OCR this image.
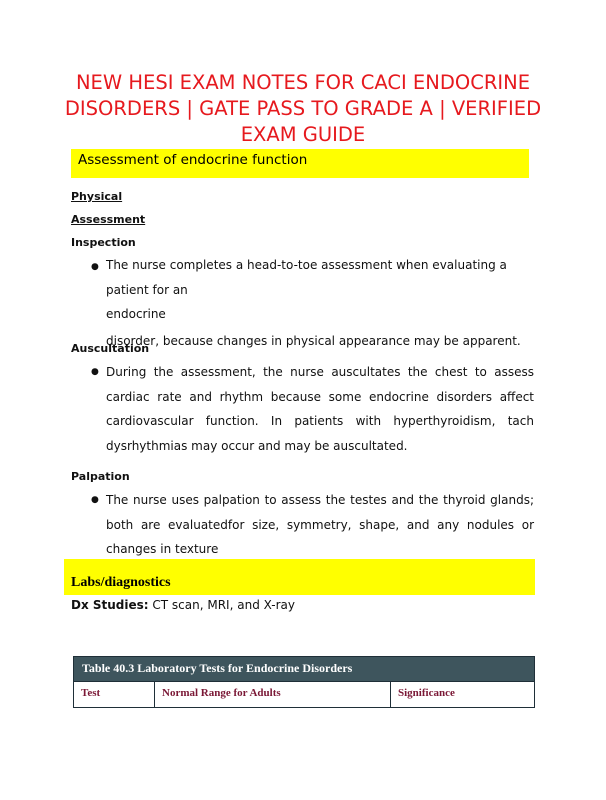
NEW HESI EXAM NOTES FOR CACI ENDOCRINE
DISORDERS | GATE PASS TO GRADE A | VERIFIED
EXAM GUIDE
Assessment of endocrine function
Physical
Assessment
Inspection
● The nurse completes a head-to-toe assessment when evaluating a patient for an
endocrine
disorder, because changes in physical appearance may be apparent.
Auscultation
● During the assessment, the nurse auscultates the chest to assess cardiac rate and rhythm because some endocrine disorders affect cardiovascular function. In patients with hyperthyroidism, tach dysrhythmias may occur and may be auscultated.
Palpation
● The nurse uses palpation to assess the testes and the thyroid glands; both are evaluatedfor size, symmetry, shape, and any nodules or changes in texture
Labs/diagnostics
Dx Studies: CT scan, MRI, and X-ray
Table 40.3 Laboratory Tests for Endocrine Disorders
Test	Normal Range for Adults	Significance
